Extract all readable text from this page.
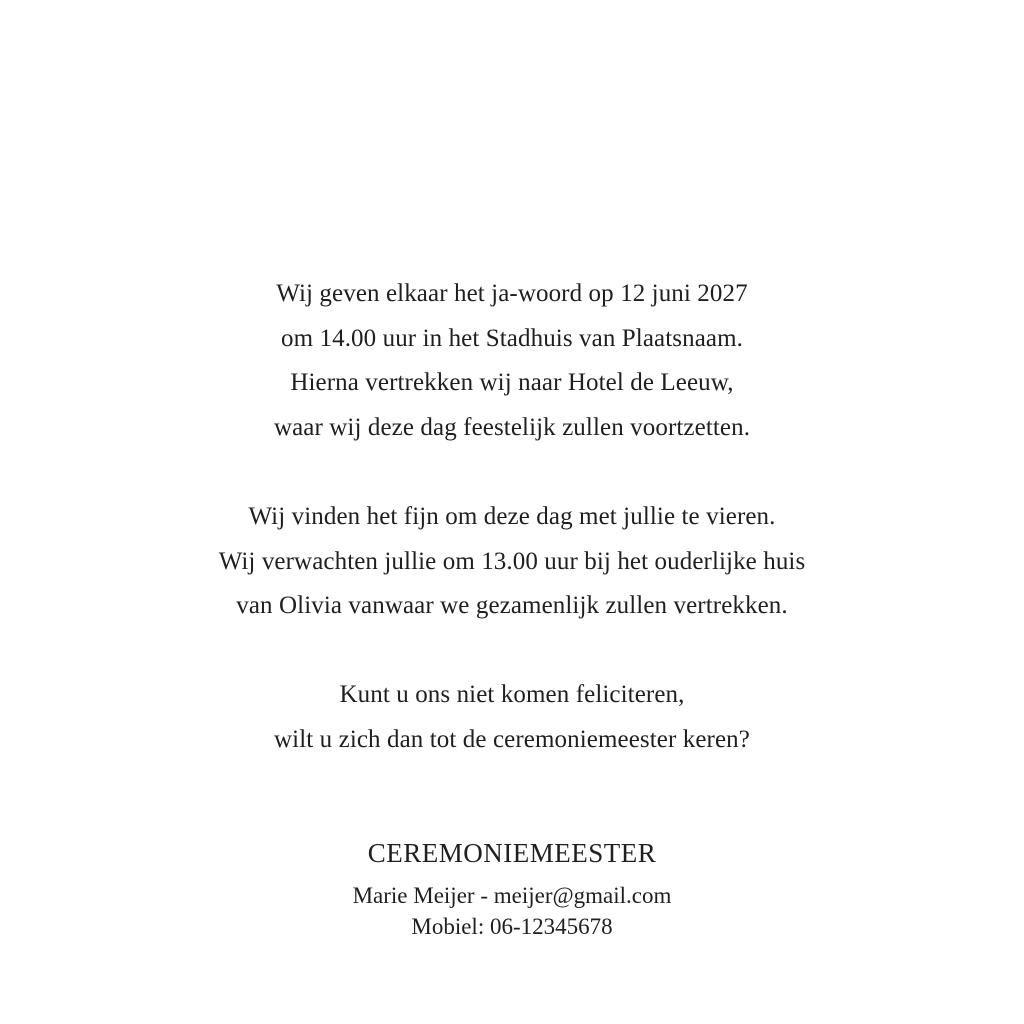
Wij geven elkaar het ja-woord op 12 juni 2027
om 14.00 uur in het Stadhuis van Plaatsnaam.
Hierna vertrekken wij naar Hotel de Leeuw,
waar wij deze dag feestelijk zullen voortzetten.
Wij vinden het fijn om deze dag met jullie te vieren.
Wij verwachten jullie om 13.00 uur bij het ouderlijke huis
van Olivia vanwaar we gezamenlijk zullen vertrekken.
Kunt u ons niet komen feliciteren,
wilt u zich dan tot de ceremoniemeester keren?
CEREMONIEMEESTER
Marie Meijer - meijer@gmail.com
Mobiel: 06-12345678
